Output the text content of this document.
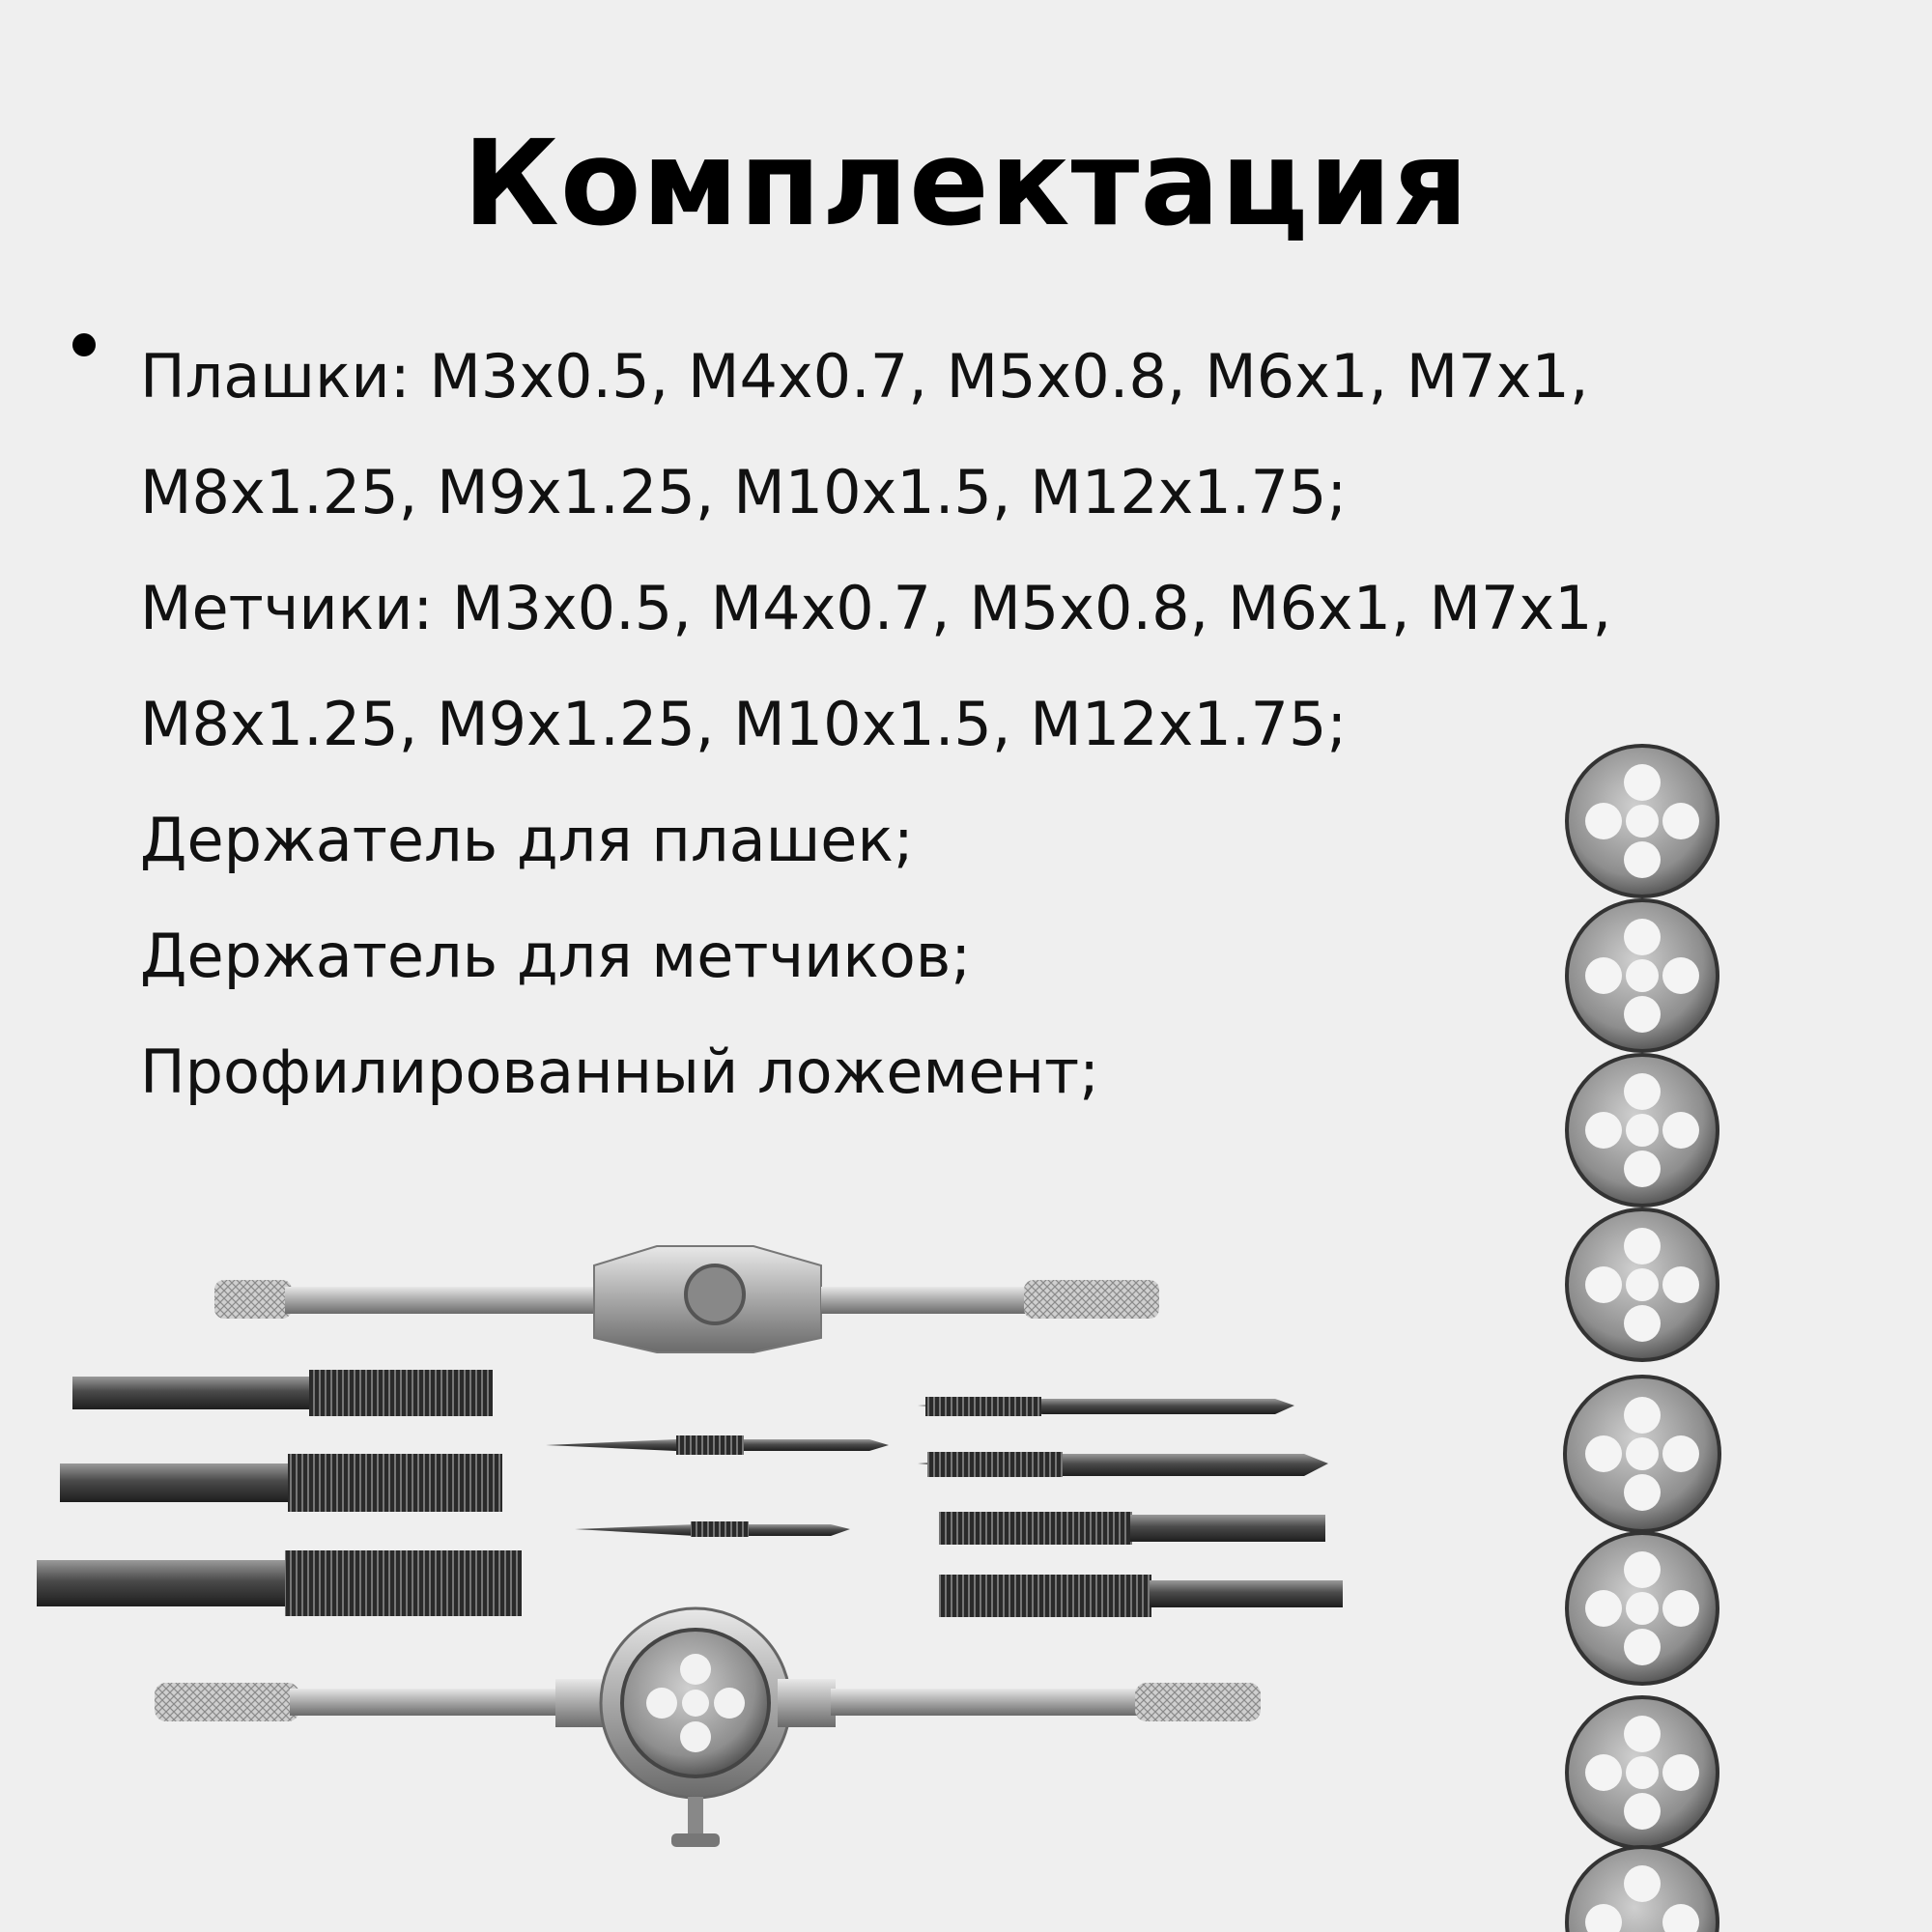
Комплектация
Плашки: M3x0.5, M4x0.7, M5x0.8, M6x1, M7x1,
M8x1.25, M9x1.25, M10x1.5, M12x1.75;
Метчики: M3x0.5, M4x0.7, M5x0.8, M6x1, M7x1,
M8x1.25, M9x1.25, M10x1.5, M12x1.75;
Держатель для плашек;
Держатель для метчиков;
Профилированный ложемент;
